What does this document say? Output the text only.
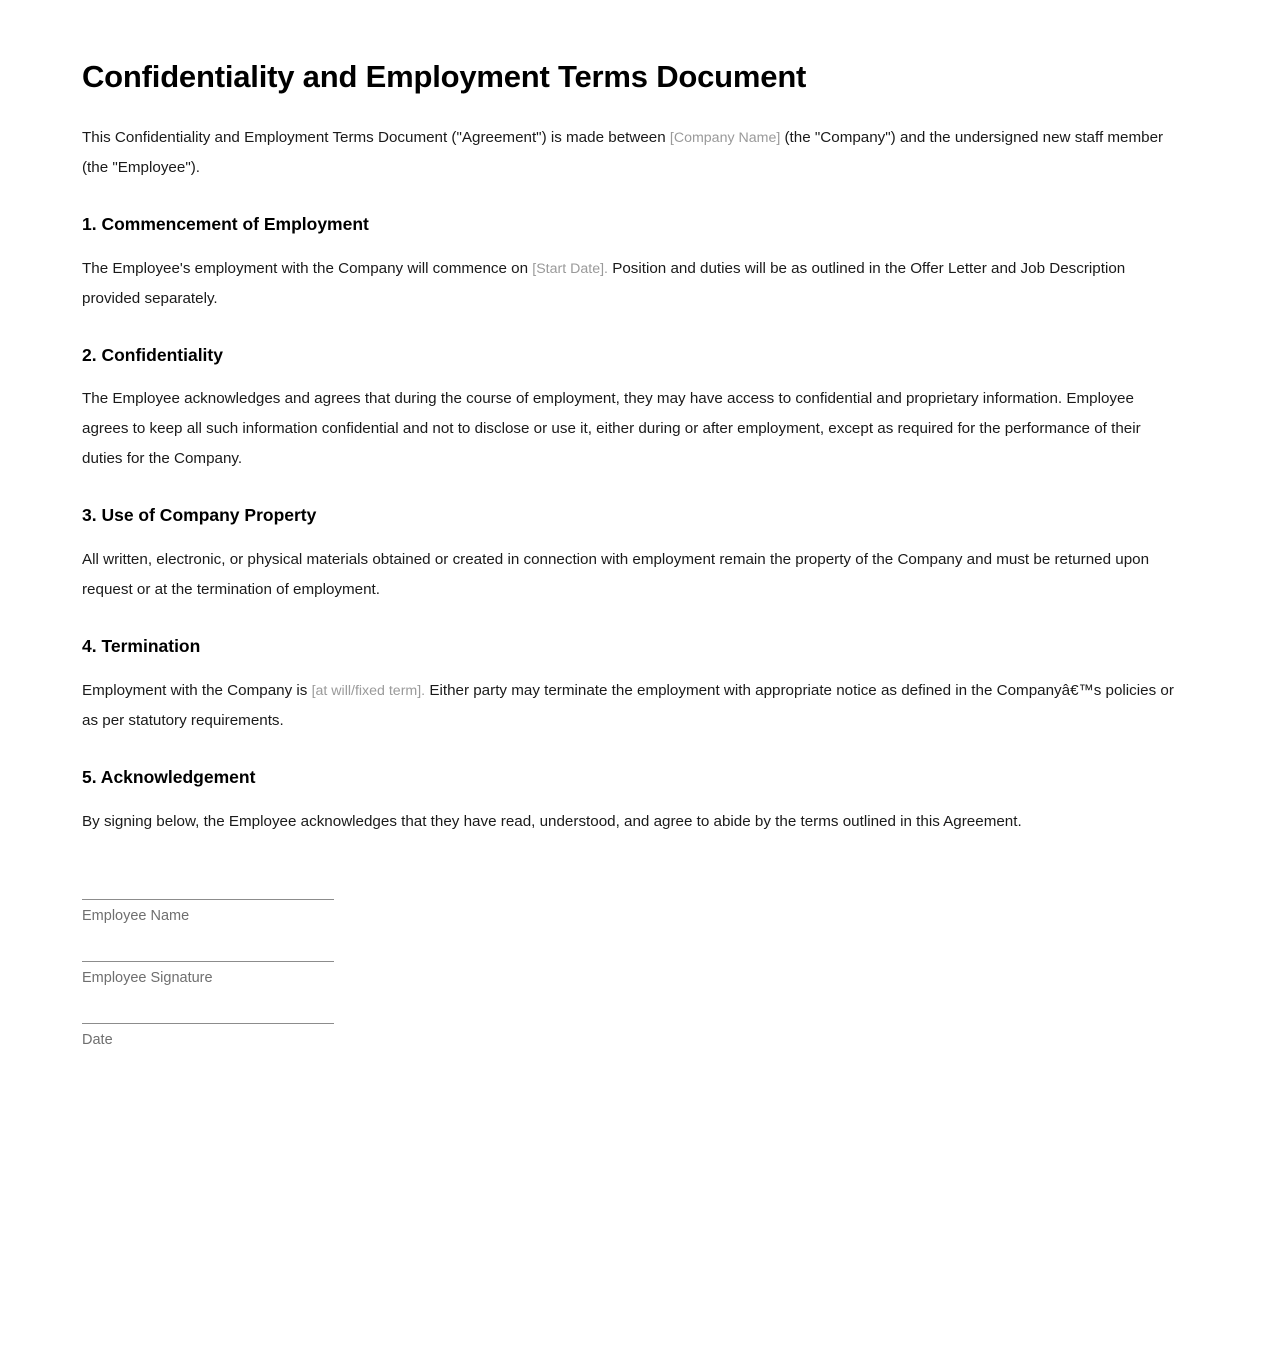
Confidentiality and Employment Terms Document

This Confidentiality and Employment Terms Document ("Agreement") is made between [Company Name] (the "Company") and the undersigned new staff member (the "Employee").

1. Commencement of Employment

The Employee's employment with the Company will commence on [Start Date]. Position and duties will be as outlined in the Offer Letter and Job Description provided separately.

2. Confidentiality

The Employee acknowledges and agrees that during the course of employment, they may have access to confidential and proprietary information. Employee agrees to keep all such information confidential and not to disclose or use it, either during or after employment, except as required for the performance of their duties for the Company.

3. Use of Company Property

All written, electronic, or physical materials obtained or created in connection with employment remain the property of the Company and must be returned upon request or at the termination of employment.

4. Termination

Employment with the Company is [at will/fixed term]. Either party may terminate the employment with appropriate notice as defined in the Companyâ€™s policies or as per statutory requirements.

5. Acknowledgement

By signing below, the Employee acknowledges that they have read, understood, and agree to abide by the terms outlined in this Agreement.

Employee Name
Employee Signature
Date
